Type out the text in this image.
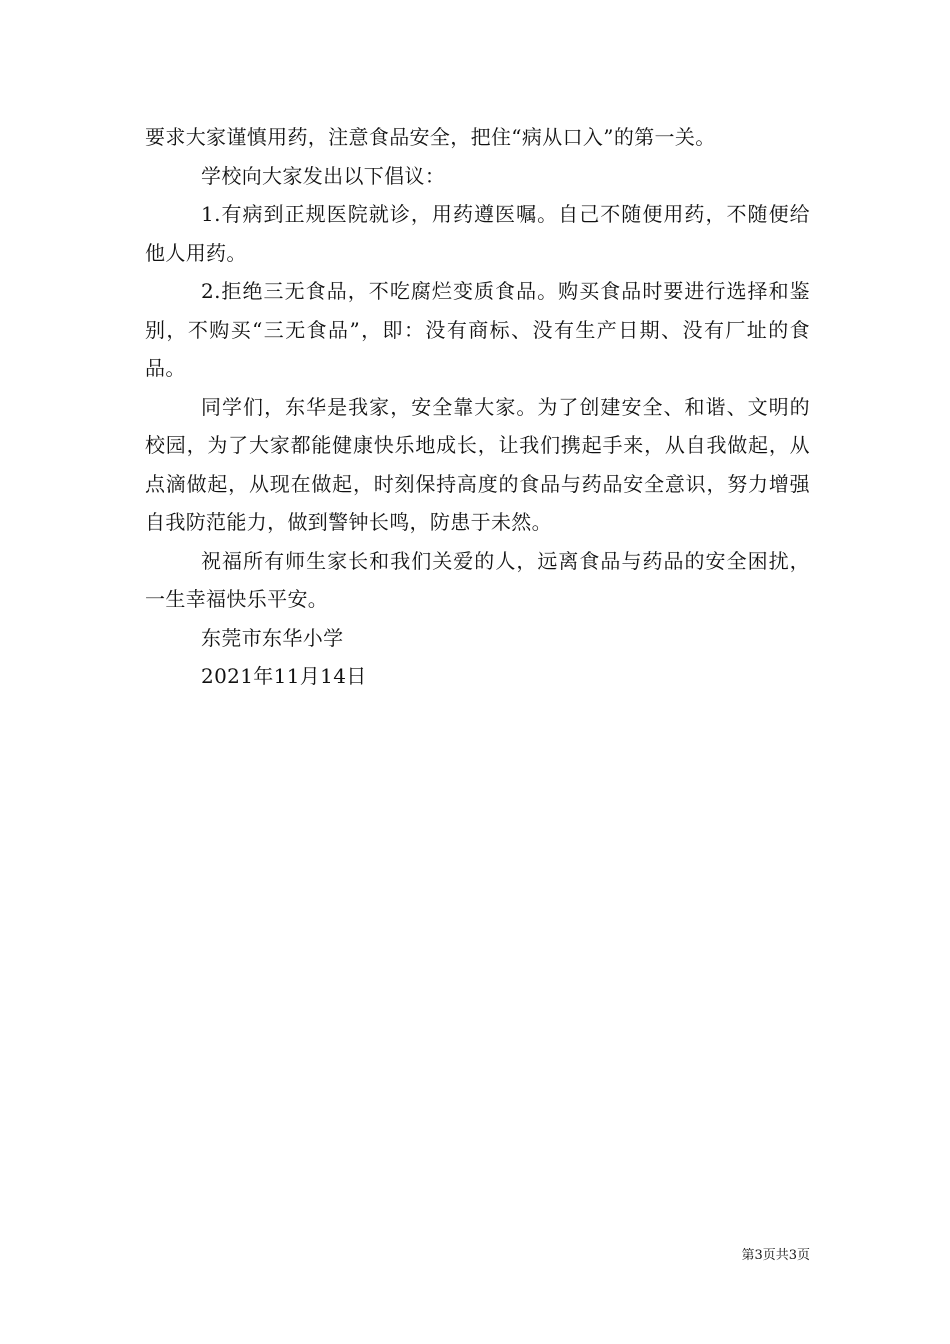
要求大家谨慎用药，注意食品安全，把住“病从口入”的第一关。

学校向大家发出以下倡议：

1.有病到正规医院就诊，用药遵医嘱。自己不随便用药，不随便给他人用药。

2.拒绝三无食品，不吃腐烂变质食品。购买食品时要进行选择和鉴别，不购买“三无食品”，即：没有商标、没有生产日期、没有厂址的食品。

同学们，东华是我家，安全靠大家。为了创建安全、和谐、文明的校园，为了大家都能健康快乐地成长，让我们携起手来，从自我做起，从点滴做起，从现在做起，时刻保持高度的食品与药品安全意识，努力增强自我防范能力，做到警钟长鸣，防患于未然。

祝福所有师生家长和我们关爱的人，远离食品与药品的安全困扰，一生幸福快乐平安。

东莞市东华小学

2021年11月14日

第3页共3页
